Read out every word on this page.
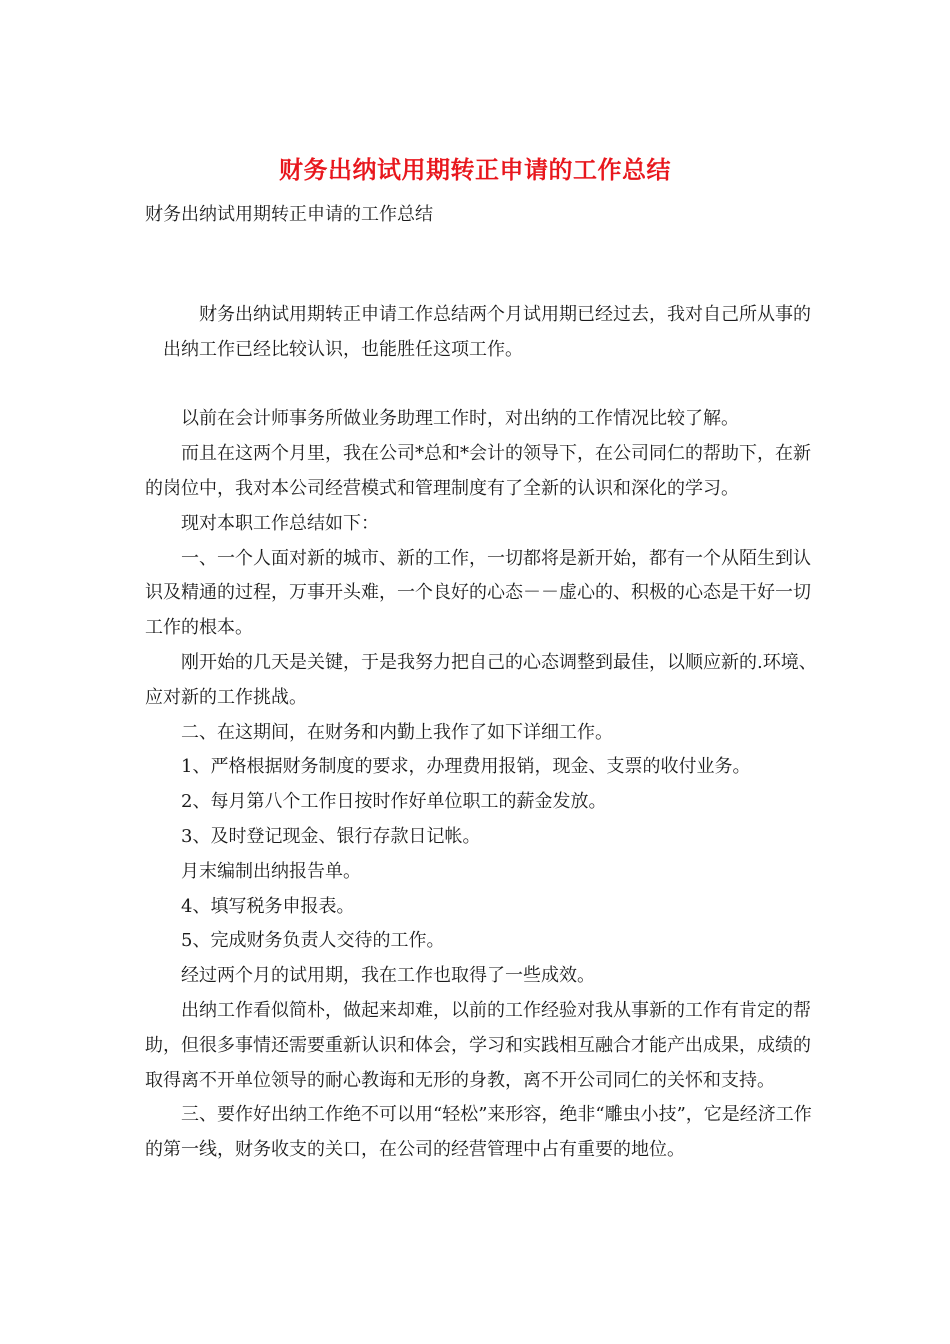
财务出纳试用期转正申请的工作总结

财务出纳试用期转正申请的工作总结

财务出纳试用期转正申请工作总结两个月试用期已经过去，我对自己所从事的出纳工作已经比较认识，也能胜任这项工作。

以前在会计师事务所做业务助理工作时，对出纳的工作情况比较了解。

而且在这两个月里，我在公司*总和*会计的领导下，在公司同仁的帮助下，在新的岗位中，我对本公司经营模式和管理制度有了全新的认识和深化的学习。

现对本职工作总结如下：

一、一个人面对新的城市、新的工作，一切都将是新开始，都有一个从陌生到认识及精通的过程，万事开头难，一个良好的心态－－虚心的、积极的心态是干好一切工作的根本。

刚开始的几天是关键，于是我努力把自己的心态调整到最佳，以顺应新的.环境、应对新的工作挑战。

二、在这期间，在财务和内勤上我作了如下详细工作。

1、严格根据财务制度的要求，办理费用报销，现金、支票的收付业务。

2、每月第八个工作日按时作好单位职工的薪金发放。

3、及时登记现金、银行存款日记帐。

月末编制出纳报告单。

4、填写税务申报表。

5、完成财务负责人交待的工作。

经过两个月的试用期，我在工作也取得了一些成效。

出纳工作看似简朴，做起来却难，以前的工作经验对我从事新的工作有肯定的帮助，但很多事情还需要重新认识和体会，学习和实践相互融合才能产出成果，成绩的取得离不开单位领导的耐心教诲和无形的身教，离不开公司同仁的关怀和支持。

三、要作好出纳工作绝不可以用“轻松”来形容，绝非“雕虫小技”，它是经济工作的第一线，财务收支的关口，在公司的经营管理中占有重要的地位。
